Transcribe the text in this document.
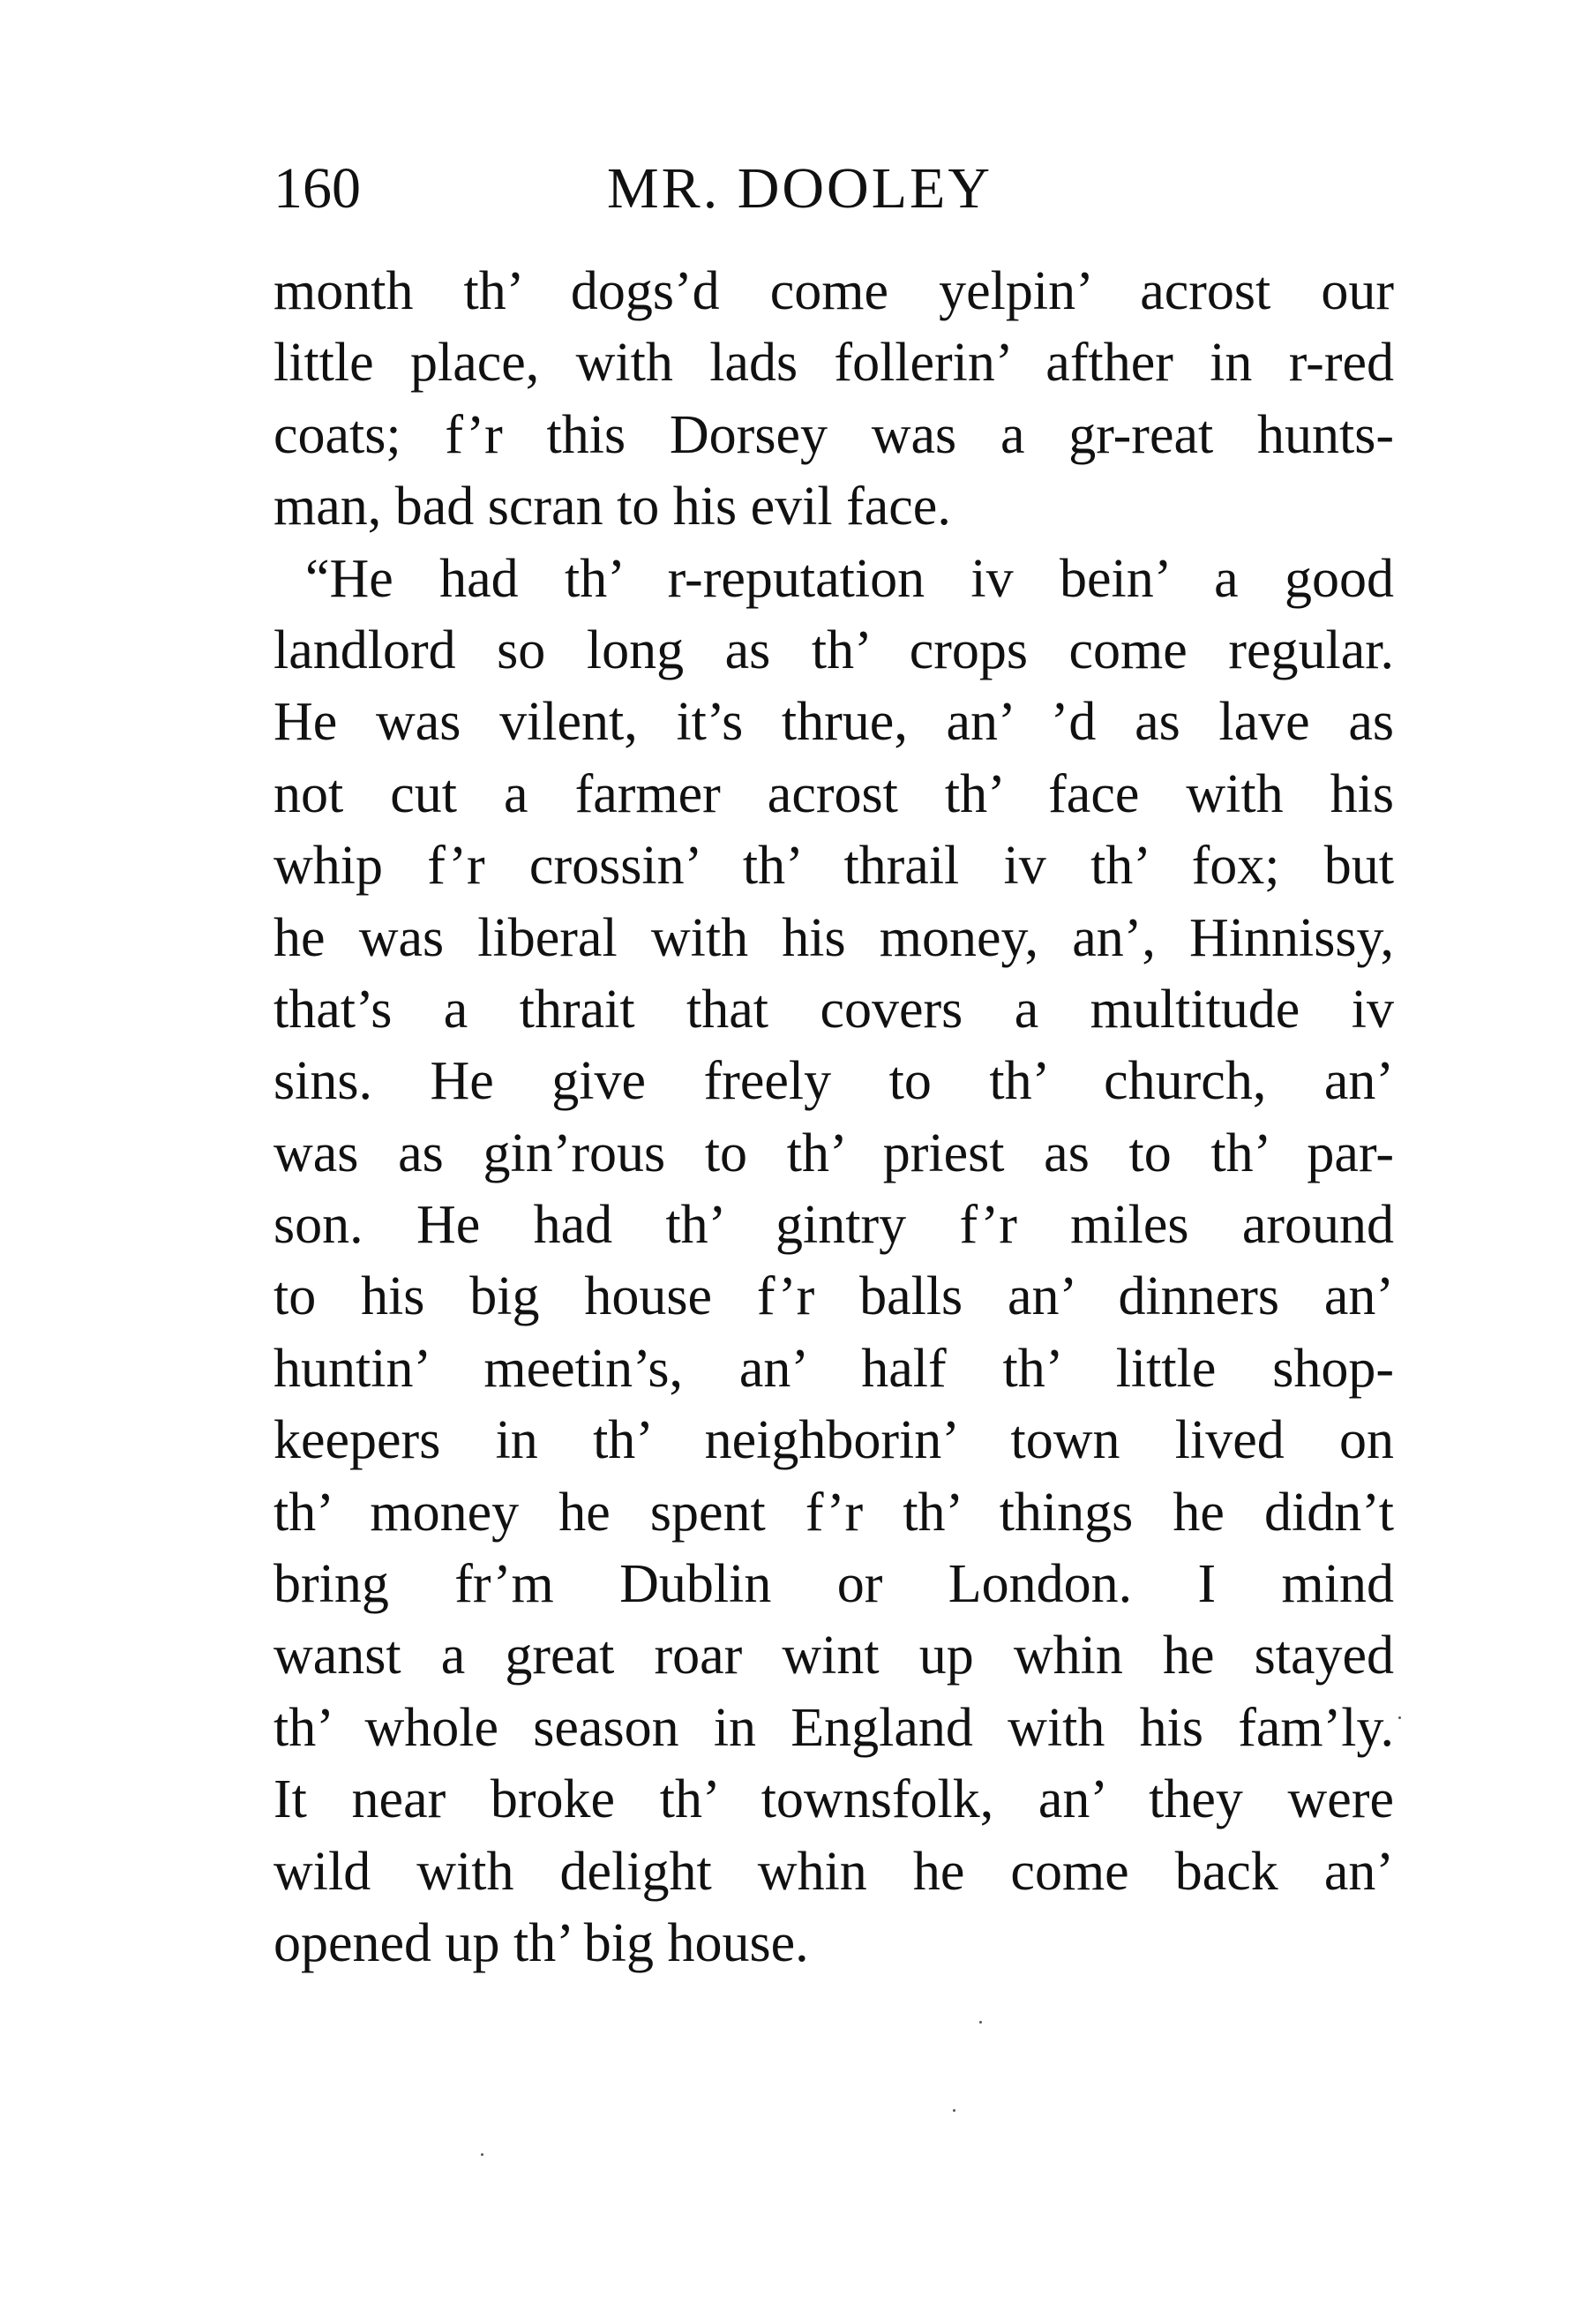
160	MR. DOOLEY
month th’ dogs’d come yelpin’ acrost our
little place, with lads follerin’ afther in r-red
coats; f’r this Dorsey was a gr-reat hunts-
man, bad scran to his evil face.
“He had th’ r-reputation iv bein’ a good
landlord so long as th’ crops come regular.
He was vilent, it’s thrue, an’ ’d as lave as
not cut a farmer acrost th’ face with his
whip f’r crossin’ th’ thrail iv th’ fox; but
he was liberal with his money, an’, Hinnissy,
that’s a thrait that covers a multitude iv
sins. He give freely to th’ church, an’
was as gin’rous to th’ priest as to th’ par-
son. He had th’ gintry f’r miles around
to his big house f’r balls an’ dinners an’
huntin’ meetin’s, an’ half th’ little shop-
keepers in th’ neighborin’ town lived on
th’ money he spent f’r th’ things he didn’t
bring fr’m Dublin or London. I mind
wanst a great roar wint up whin he stayed
th’ whole season in England with his fam’ly.
It near broke th’ townsfolk, an’ they were
wild with delight whin he come back an’
opened up th’ big house.
